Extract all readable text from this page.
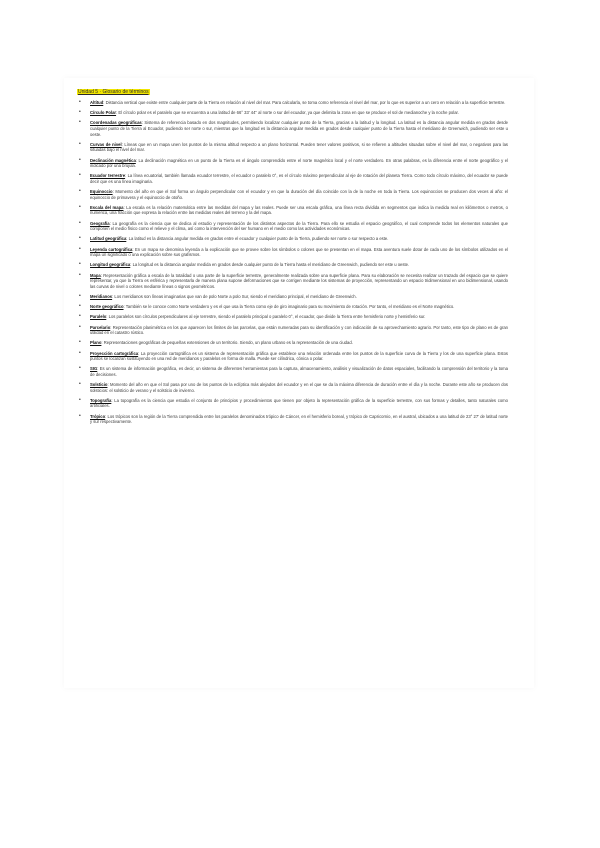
Unidad 5 · Glosario de términos
• Altitud: Distancia vertical que existe entre cualquier parte de la Tierra en relación al nivel del mar. Para calcularla, se toma como referencia el nivel del mar, por lo que es superior a un cero en relación a la superficie terrestre.
• Círculo Polar: El círculo polar es el paralelo que se encuentra a una latitud de 66° 33' 44'' al norte o sur del ecuador, ya que delimita la zona en que se produce el sol de medianoche y la noche polar.
• Coordenadas geográficas: Sistema de referencia basado en dos magnitudes, permitiendo localizar cualquier punto de la Tierra, gracias a la latitud y la longitud. La latitud es la distancia angular medida en grados desde cualquier punto de la Tierra al Ecuador, pudiendo ser norte o sur, mientras que la longitud es la distancia angular medida en grados desde cualquier punto de la Tierra hasta el meridiano de Greenwich, pudiendo ser este u oeste.
• Curvas de nivel: Líneas que en un mapa unen los puntos de la misma altitud respecto a un plano horizontal. Pueden tener valores positivos, si se refieren a altitudes situadas sobre el nivel del mar, o negativos para las situadas bajo el nivel del mar.
• Declinación magnética: La declinación magnética en un punto de la Tierra es el ángulo comprendido entre el norte magnético local y el norte verdadero. En otras palabras, es la diferencia entre el norte geográfico y el indicado por una brújula.
• Ecuador terrestre: La línea ecuatorial, también llamada ecuador terrestre, el ecuador o paralelo 0°, es el círculo máximo perpendicular al eje de rotación del planeta Tierra. Como todo círculo máximo, del ecuador se puede decir que es una línea imaginaria.
• Equinoccio: Momento del año en que el Sol forma un ángulo perpendicular con el ecuador y en que la duración del día coincide con la de la noche en toda la Tierra. Los equinoccios se producen dos veces al año: el equinoccio de primavera y el equinoccio de otoño.
• Escala del mapa: La escala es la relación matemática entre las medidas del mapa y las reales. Puede ser una escala gráfica, una línea recta dividida en segmentos que indica la medida real en kilómetros o metros, o numérica, una fracción que expresa la relación entre las medidas reales del terreno y la del mapa.
• Geografía: La geografía es la ciencia que se dedica al estudio y representación de los distintos aspectos de la Tierra. Para ello se estudia el espacio geográfico, el cual comprende todos los elementos naturales que componen el medio físico como el relieve y el clima, así como la intervención del ser humano en el medio como las actividades económicas.
• Latitud geográfica: La latitud es la distancia angular medida en grados entre el ecuador y cualquier punto de la Tierra, pudiendo ser norte o sur respecto a este.
• Leyenda cartográfica: En un mapa se denomina leyenda a la explicación que se provee sobre los símbolos o colores que se presentan en el mapa. Esta aventura suele dotar de cada uno de los símbolos utilizados en el mapa un significado o una explicación sobre sus grafismos.
• Longitud geográfica: La longitud es la distancia angular medida en grados desde cualquier punto de la Tierra hasta el meridiano de Greenwich, pudiendo ser este u oeste.
• Mapa: Representación gráfica a escala de la totalidad o una parte de la superficie terrestre, generalmente realizada sobre una superficie plana. Para su elaboración se necesita realizar un trazado del espacio que se quiere representar, ya que la Tierra es esférica y representarla de manera plana supone deformaciones que se corrigen mediante los sistemas de proyección, representando un espacio tridimensional en uno bidimensional, usando las curvas de nivel o colores mediante líneas o signos geométricos.
• Meridianos: Los meridianos son líneas imaginarias que van de polo Norte a polo Sur, siendo el meridiano principal, el meridiano de Greenwich.
• Norte geográfico: También se le conoce como Norte verdadero y es el que usa la Tierra como eje de giro imaginario para su movimiento de rotación. Por tanto, el meridiano es el Norte magnético.
• Paralelo: Los paralelos son círculos perpendiculares al eje terrestre, siendo el paralelo principal o paralelo 0°, el ecuador, que divide la Tierra entre hemisferio norte y hemisferio sur.
• Parcelario: Representación planimétrica en los que aparecen los límites de las parcelas, que están numeradas para su identificación y con indicación de su aprovechamiento agrario. Por tanto, este tipo de plano es de gran utilidad en el catastro rústico.
• Plano: Representaciones geográficas de pequeñas extensiones de un territorio. Siendo, un plano urbano es la representación de una ciudad.
• Proyección cartográfica: La proyección cartográfica es un sistema de representación gráfica que establece una relación ordenada entre los puntos de la superficie curva de la Tierra y los de una superficie plana. Estos puntos se localizan sustituyendo en una red de meridianos y paralelos en forma de malla. Puede ser cilíndrica, cónica o polar.
• SIG: Es un sistema de información geográfica, es decir, un sistema de diferentes herramientas para la captura, almacenamiento, análisis y visualización de datos espaciales, facilitando la comprensión del territorio y la toma de decisiones.
• Solsticio: Momento del año en que el Sol pasa por uno de los puntos de la eclíptica más alejados del ecuador y en el que se da la máxima diferencia de duración entre el día y la noche. Durante este año se producen dos solsticios: el solsticio de verano y el solsticio de invierno.
• Topografía: La topografía es la ciencia que estudia el conjunto de principios y procedimientos que tienen por objeto la representación gráfica de la superficie terrestre, con sus formas y detalles, tanto naturales como artificiales.
• Trópico: Los trópicos son la región de la Tierra comprendida entre los paralelos denominados trópico de Cáncer, en el hemisferio boreal, y trópico de Capricornio, en el austral, ubicados a una latitud de 23° 27' de latitud norte y sur respectivamente.
